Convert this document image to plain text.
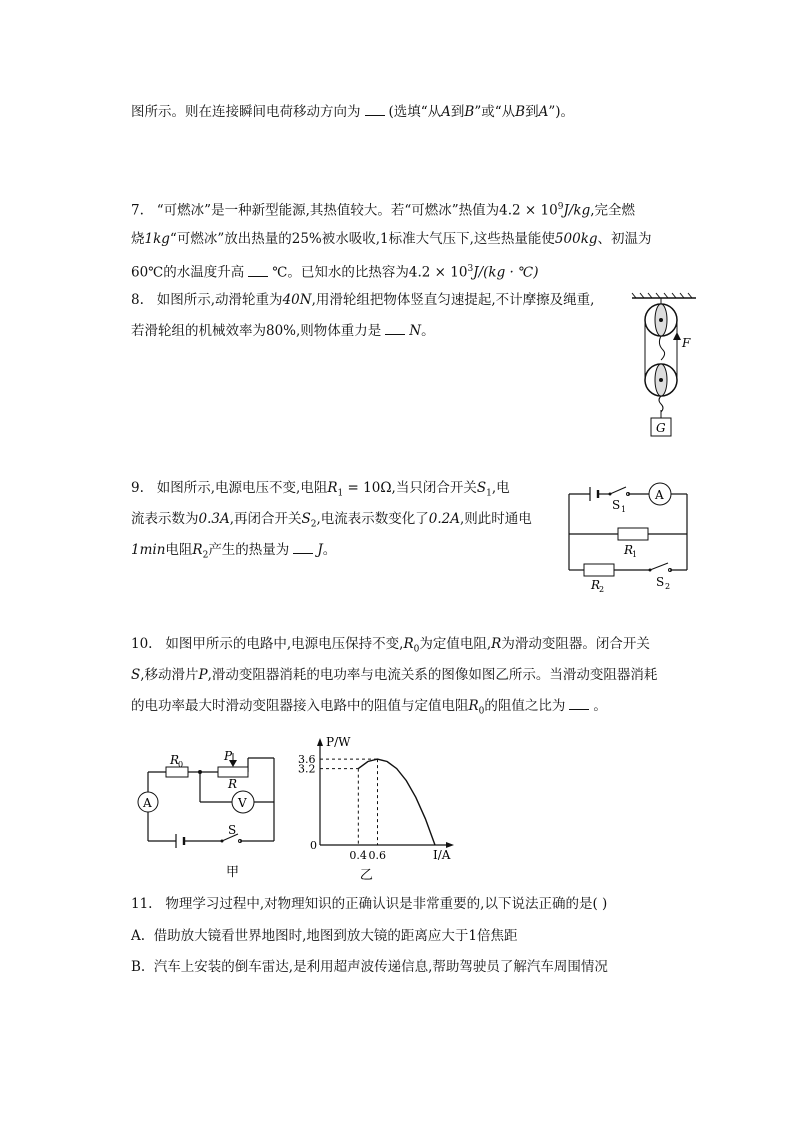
图所示。则在连接瞬间电荷移动方向为 (选填“从A到B”或“从B到A”)。
7. “可燃冰”是一种新型能源,其热值较大。若“可燃冰”热值为$4.2 \times 10^9J/kg$,完全燃
烧1kg“可燃冰”放出热量的25%被水吸收,1标准大气压下,这些热量能使500kg、初温为
60℃的水温度升高 ℃。已知水的比热容为$4.2 \times 10^3J/(kg$ · ℃)
8. 如图所示,动滑轮重为40N,用滑轮组把物体竖直匀速提起,不计摩擦及绳重,
若滑轮组的机械效率为80%,则物体重力是 N。
F
G
9. 如图所示,电源电压不变,电阻$R_1 = 10\Omega$,当只闭合开关$S_1$,电
流表示数为0.3A,再闭合开关$S_2$,电流表示数变化了0.2A,则此时通电
1min电阻$R_2$产生的热量为 J。
S 1
A
R
1
R
2
S 2
10. 如图甲所示的电路中,电源电压保持不变$,R_0$为定值电阻,R为滑动变阻器。闭合开关
S,移动滑片P,滑动变阻器消耗的电功率与电流关系的图像如图乙所示。当滑动变阻器消耗
的电功率最大时滑动变阻器接入电路中的阻值与定值电阻$R_0$的阻值之比为 。
R
0
R
P
V
A
S
甲
P/W
I/A
0
0.4 0.6
3.2
3.6
乙
11. 物理学习过程中,对物理知识的正确认识是非常重要的,以下说法正确的是( )
A. 借助放大镜看世界地图时,地图到放大镜的距离应大于1倍焦距
B. 汽车上安装的倒车雷达,是利用超声波传递信息,帮助驾驶员了解汽车周围情况
